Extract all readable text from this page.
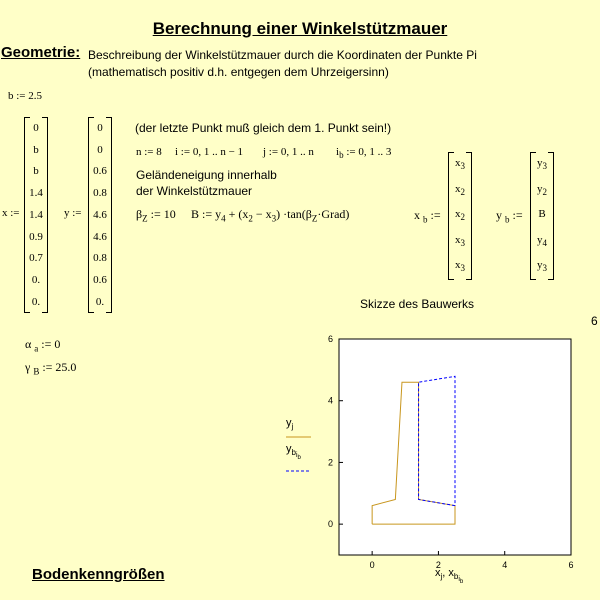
Berechnung einer Winkelstützmauer
Geometrie: Beschreibung der Winkelstützmauer durch die Koordinaten der Punkte Pi
(mathematisch positiv d.h. entgegen dem Uhrzeigersinn)
b := 2.5
x :=
0
b
b
1.4
1.4
0.9
0.7
0.
0.
y :=
0
0
0.6
0.8
4.6
4.6
0.8
0.6
0.
(der letzte Punkt muß gleich dem 1. Punkt sein!)
n := 8 i := 0, 1 .. n − 1 j := 0, 1 .. n $i_b$ := 0, 1 .. 3
Geländeneigung innerhalb
der Winkelstützmauer
$\beta_Z$ := 10 B := $y_4 + (x_2 - x_3)$ $\cdot\tan(\beta_Z\cdot Grad)$	x $_b$ :=
$x_3$
$x_2$
$x_2$
$x_3$
$x_3$
y $_b$ :=
$y_3$
$y_2$
B
$y_4$
$y_3$
Skizze des Bauwerks
6
α $_a$ := 0
γ $_B$ := 25.0
Bodenkenngrößen
0	2	4	6
0
2
4
6
$y_j$
$y_bib$
$x_j$, $x_bib$
